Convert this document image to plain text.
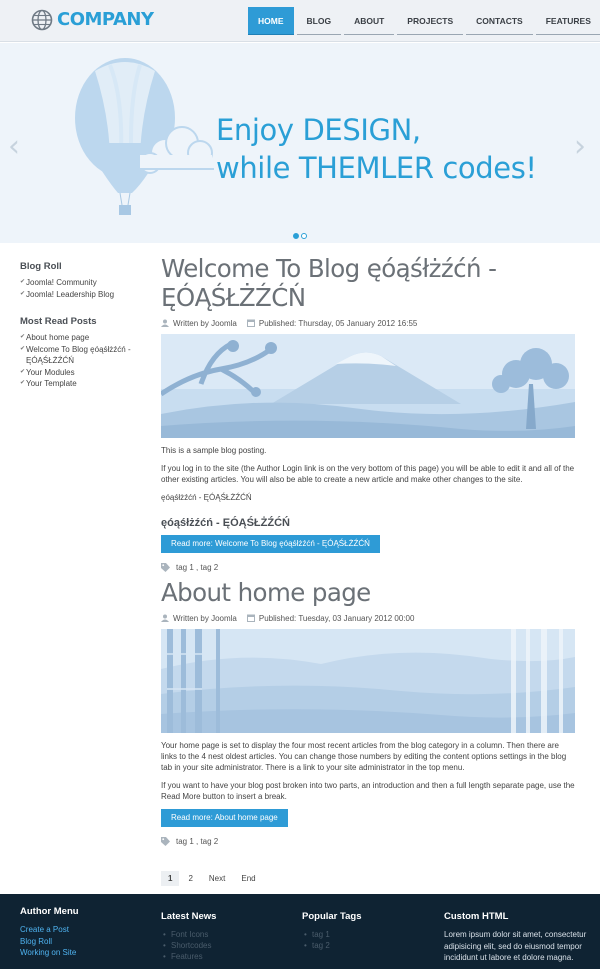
COMPANY	HOME	BLOG	ABOUT	PROJECTS	CONTACTS	FEATURES
Enjoy DESIGN,
while THEMLER codes!
‹	›
Blog Roll
✔ Joomla! Community
✔ Joomla! Leadership Blog
Most Read Posts
✔ About home page
✔ Welcome To Blog ęóąśłżźćń - ĘÓĄŚŁŻŹĆŃ
✔ Your Modules
✔ Your Template
Welcome To Blog ęóąśłżźćń - ĘÓĄŚŁŻŹĆŃ
Written by Joomla	Published: Thursday, 05 January 2012 16:55
This is a sample blog posting.
If you log in to the site (the Author Login link is on the very bottom of this page) you will be able to edit it and all of the other existing articles. You will also be able to create a new article and make other changes to the site.
ęóąśłżźćń - ĘÓĄŚŁŻŹĆŃ
ęóąśłżźćń - ĘÓĄŚŁŻŹĆŃ
Read more: Welcome To Blog ęóąśłżźćń - ĘÓĄŚŁŻŹĆŃ
tag 1 , tag 2
About home page
Written by Joomla	Published: Tuesday, 03 January 2012 00:00
Your home page is set to display the four most recent articles from the blog category in a column. Then there are links to the 4 nest oldest articles. You can change those numbers by editing the content options settings in the blog tab in your site administrator. There is a link to your site administrator in the top menu.
If you want to have your blog post broken into two parts, an introduction and then a full length separate page, use the Read More button to insert a break.
Read more: About home page
tag 1 , tag 2
1	2	Next	End
Author Menu
Create a Post
Blog Roll
Working on Site
Latest News
• Font Icons
• Shortcodes
• Features
Popular Tags
• tag 1
• tag 2
Custom HTML
Lorem ipsum dolor sit amet, consectetur adipisicing elit, sed do eiusmod tempor incididunt ut labore et dolore magna.
